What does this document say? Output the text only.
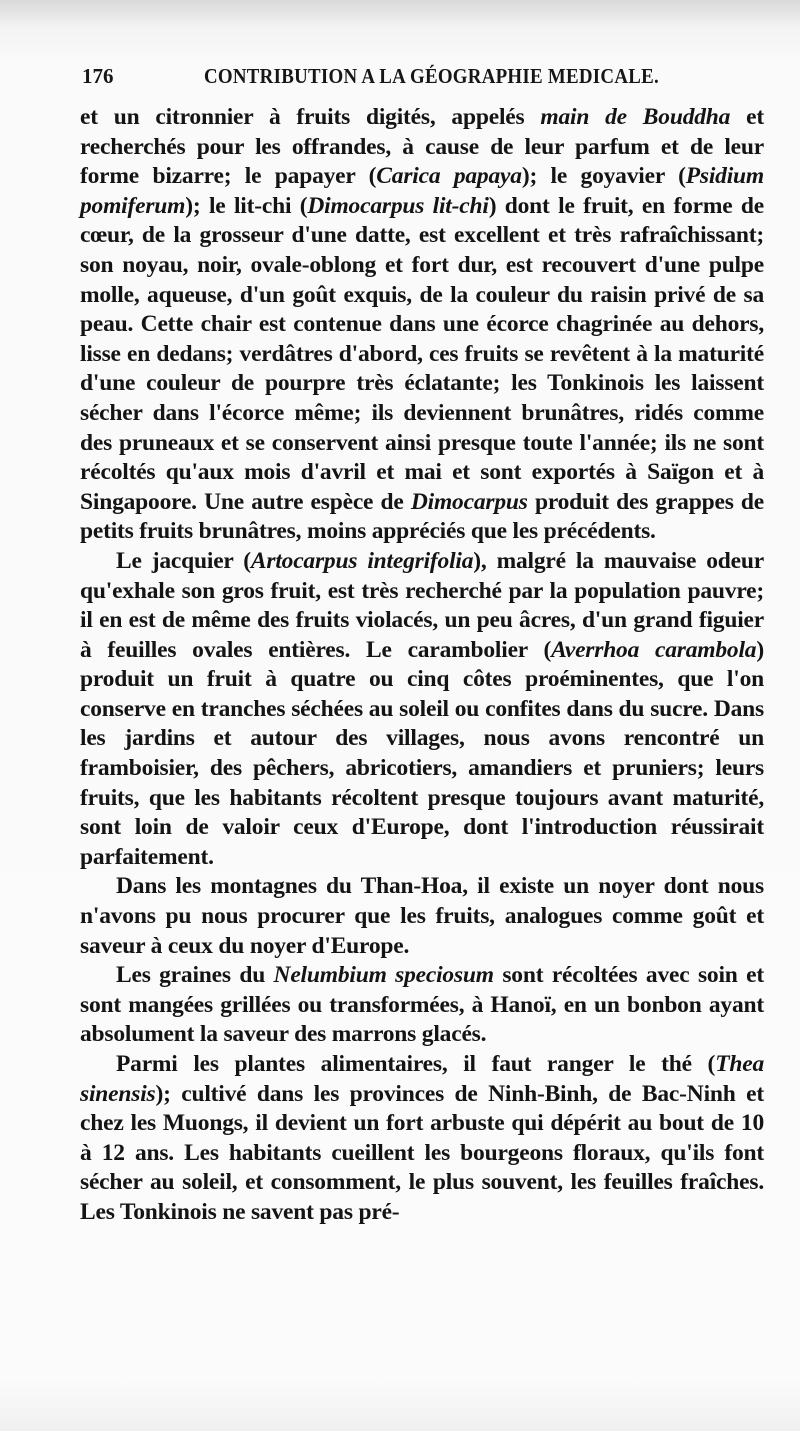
176	CONTRIBUTION A LA GÉOGRAPHIE MEDICALE.

et un citronnier à fruits digités, appelés main de Bouddha et recherchés pour les offrandes, à cause de leur parfum et de leur forme bizarre; le papayer (Carica papaya); le goyavier (Psidium pomiferum); le lit-chi (Dimocarpus lit-chi) dont le fruit, en forme de cœur, de la grosseur d'une datte, est excellent et très rafraîchissant; son noyau, noir, ovale-oblong et fort dur, est recouvert d'une pulpe molle, aqueuse, d'un goût exquis, de la couleur du raisin privé de sa peau. Cette chair est contenue dans une écorce chagrinée au dehors, lisse en dedans; verdâtres d'abord, ces fruits se revêtent à la maturité d'une couleur de pourpre très éclatante; les Tonkinois les laissent sécher dans l'écorce même; ils deviennent brunâtres, ridés comme des pruneaux et se conservent ainsi presque toute l'année; ils ne sont récoltés qu'aux mois d'avril et mai et sont exportés à Saïgon et à Singapoore. Une autre espèce de Dimocarpus produit des grappes de petits fruits brunâtres, moins appréciés que les précédents.

Le jacquier (Artocarpus integrifolia), malgré la mauvaise odeur qu'exhale son gros fruit, est très recherché par la population pauvre; il en est de même des fruits violacés, un peu âcres, d'un grand figuier à feuilles ovales entières. Le carambolier (Averrhoa carambola) produit un fruit à quatre ou cinq côtes proéminentes, que l'on conserve en tranches séchées au soleil ou confites dans du sucre. Dans les jardins et autour des villages, nous avons rencontré un framboisier, des pêchers, abricotiers, amandiers et pruniers; leurs fruits, que les habitants récoltent presque toujours avant maturité, sont loin de valoir ceux d'Europe, dont l'introduction réussirait parfaitement.

Dans les montagnes du Than-Hoa, il existe un noyer dont nous n'avons pu nous procurer que les fruits, analogues comme goût et saveur à ceux du noyer d'Europe.

Les graines du Nelumbium speciosum sont récoltées avec soin et sont mangées grillées ou transformées, à Hanoï, en un bonbon ayant absolument la saveur des marrons glacés.

Parmi les plantes alimentaires, il faut ranger le thé (Thea sinensis); cultivé dans les provinces de Ninh-Binh, de Bac-Ninh et chez les Muongs, il devient un fort arbuste qui dépérit au bout de 10 à 12 ans. Les habitants cueillent les bourgeons floraux, qu'ils font sécher au soleil, et consomment, le plus souvent, les feuilles fraîches. Les Tonkinois ne savent pas pré-
